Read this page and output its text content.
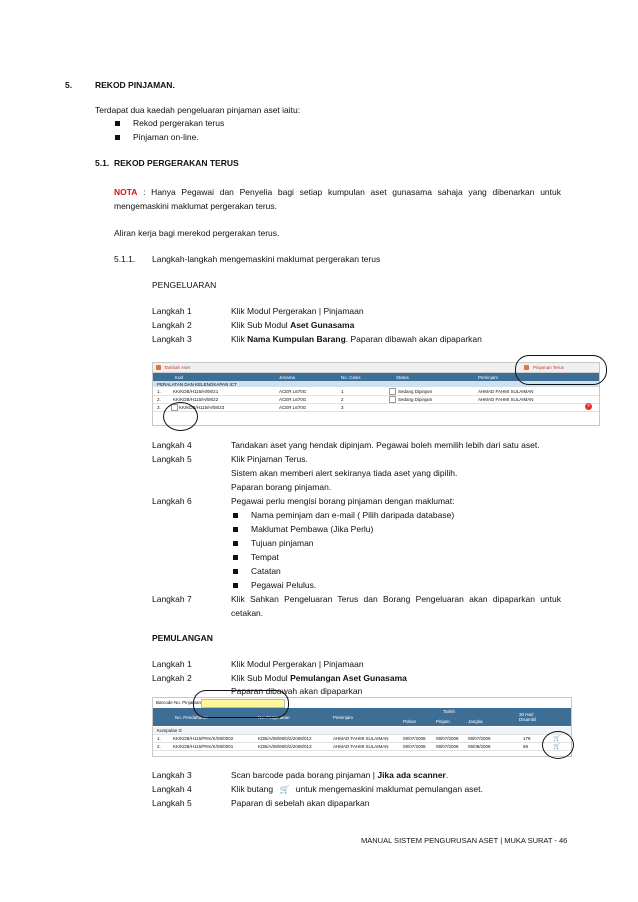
5.	REKOD PINJAMAN.
Terdapat dua kaedah pengeluaran pinjaman aset iaitu:
Rekod pergerakan terus
Pinjaman on-line.
5.1. REKOD PERGERAKAN TERUS
NOTA : Hanya Pegawai dan Penyelia bagi setiap kumpulan aset gunasama sahaja yang dibenarkan untuk
mengemaskini maklumat pergerakan terus.
Aliran kerja bagi merekod pergerakan terus.
5.1.1. Langkah-langkah mengemaskini maklumat pergerakan terus
PENGELUARAN
Langkah 1	Klik Modul Pergerakan | Pinjamaan
Langkah 2	Klik Sub Modul Aset Gunasama
Langkah 3	Klik Nama Kumpulan Barang. Paparan dibawah akan dipaparkan
Tambah Aset	Pinjaman Terus
Kod	Jenama	No. Casis	Status	Peminjam
PERALATAN DAN KELENGKAPAN ICT
1.	KK/KDB/H115/H/08/21	ACER L670G	1	Sedang Dipinjam	AHMAD FAHMI SULAIMAN
2.	KK/KDB/H115/H/08/22	ACER L670G	2	Sedang Dipinjam	AHMAD FAHMI SULAIMAN
3.	KK/KDB/H115/H/08/23	ACER L670G	3	×
Langkah 4	Tandakan aset yang hendak dipinjam. Pegawai boleh memilih lebih dari satu aset.
Langkah 5	Klik Pinjaman Terus.
Sistem akan memberi alert sekiranya tiada aset yang dipilih.
Paparan borang pinjaman.
Langkah 6	Pegawai perlu mengisi borang pinjaman dengan maklumat:
Nama peminjam dan e-mail ( Pilih daripada database)
Maklumat Pembawa (Jika Perlu)
Tujuan pinjaman
Tempat
Catatan
Pegawai Pelulus.
Langkah 7	Klik Sahkan Pengeluaran Terus dan Borang Pengeluaran akan dipaparkan untuk
cetakan.
PEMULANGAN
Langkah 1	Klik Modul Pergerakan | Pinjamaan
Langkah 2	Klik Sub Modul Pemulangan Aset Gunasama
Paparan dibawah akan dipaparkan
Barcode No. Pinjaman
No. Pendaftaran	No. Pergerakan	Peminjam
Tarikh
Pohon	Pinjam	Jangka
30 Hari Disambil
Kumpulan G
1.	KK/KDB/H115/PKK/K/08/0002	KDB/A/08/09/0/2/2008/012	AHMAD FAHMI SULAIMAN	09/07/2008 09/07/2008 09/07/2009	178	🛒
2.	KK/KDB/H115/PKK/K/08/0001	KDB/A/08/09/0/2/2008/013	AHMAD FAHMI SULAIMAN	09/07/2008 09/07/2008 09/08/2008	68	🛒
Langkah 3	Scan barcode pada borang pinjaman | Jika ada scanner.
Langkah 4	Klik butang 🛒 untuk mengemaskini maklumat pemulangan aset.
Langkah 5	Paparan di sebelah akan dipaparkan
MANUAL SISTEM PENGURUSAN ASET | MUKA SURAT - 46
